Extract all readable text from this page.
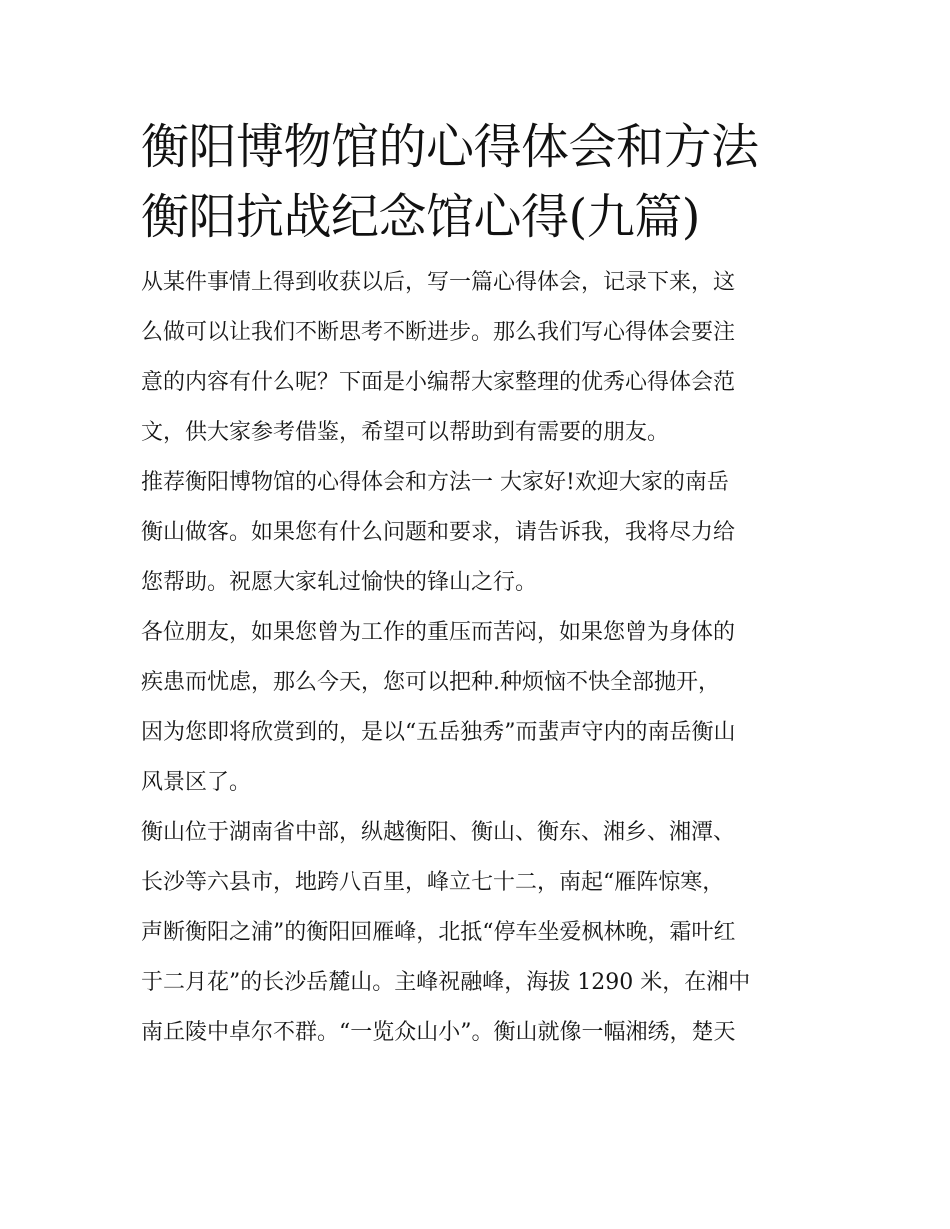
衡阳博物馆的心得体会和方法
衡阳抗战纪念馆心得(九篇)

从某件事情上得到收获以后，写一篇心得体会，记录下来，这
么做可以让我们不断思考不断进步。那么我们写心得体会要注
意的内容有什么呢？下面是小编帮大家整理的优秀心得体会范
文，供大家参考借鉴，希望可以帮助到有需要的朋友。

推荐衡阳博物馆的心得体会和方法一 大家好!欢迎大家的南岳
衡山做客。如果您有什么问题和要求，请告诉我，我将尽力给
您帮助。祝愿大家轧过愉快的锋山之行。

各位朋友，如果您曾为工作的重压而苦闷，如果您曾为身体的
疾患而忧虑，那么今天，您可以把种.种烦恼不快全部抛开，
因为您即将欣赏到的，是以“五岳独秀”而蜚声守内的南岳衡山
风景区了。

衡山位于湖南省中部，纵越衡阳、衡山、衡东、湘乡、湘潭、
长沙等六县市，地跨八百里，峰立七十二，南起“雁阵惊寒，
声断衡阳之浦”的衡阳回雁峰，北抵“停车坐爱枫林晚，霜叶红
于二月花”的长沙岳麓山。主峰祝融峰，海拔 1290 米，在湘中
南丘陵中卓尔不群。“一览众山小”。衡山就像一幅湘绣，楚天
